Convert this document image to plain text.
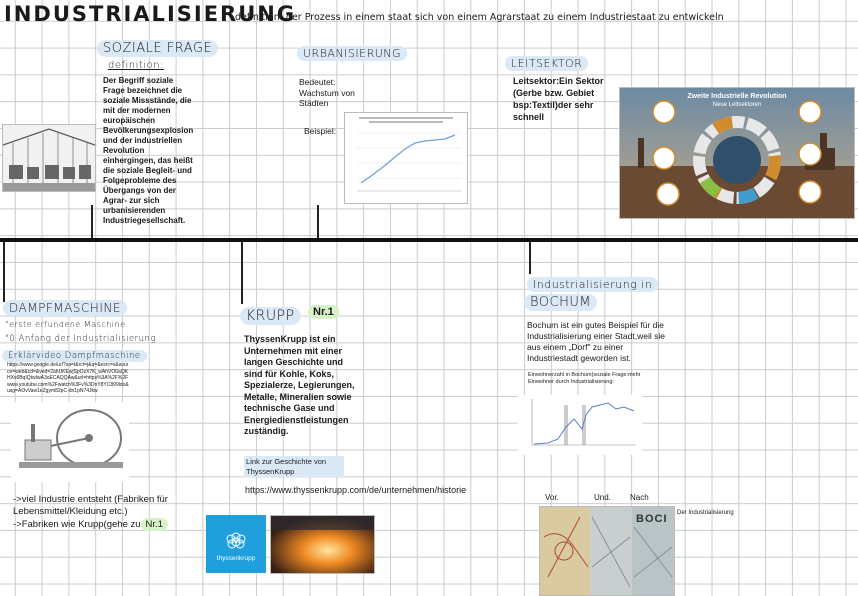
INDUSTRIALISIERUNG
definition: der Prozess in einem staat sich von einem Agrarstaat zu einem Industriestaat zu entwickeln
SOZIALE FRAGE
definition:
Der Begriff soziale Frage bezeichnet die soziale Missstände, die mit der modernen europäischen Bevölkerungsexplosion und der industriellen Revolution einhergingen, das heißt die soziale Begleit- und Folgeprobleme des Übergangs von der Agrar- zur sich urbanisierenden Industriegesellschaft.
URBANISIERUNG
Bedeutet: Wachstum von Städten
Beispiel:
LEITSEKTOR
Leitsektor:Ein Sektor (Gerbe bzw. Gebiet bsp:Textil)der sehr schnell
Zweite Industrielle Revolution
Neue Leitsektoren
DAMPFMASCHINE
"erste erfundene Maschine
"0 Anfang der Industrialisierung
Erklärvideo Dampfmaschine
https://www.google.de/url?sa=t&rct=j&q=&esrc=s&source=web&cd=&ved=2ahUKEwjSpOzX7K_wAhVO6aQKHXs6BqIQtwIwA3oECAQQAw&url=https%3A%2F%2Fwww.youtube.com%2Fwatch%3Fv%3DnY8YC899ldo&usg=AOvVaw1eZgym82pC-dn1pN74Jkw
->viel Industrie entsteht (Fabriken für Lebensmittel/Kleidung etc.)
->Fabriken wie Krupp(gehe zu Nr.1
KRUPP	Nr.1
ThyssenKrupp ist ein Unternehmen mit einer langen Geschichte und sind für Kohle, Koks, Spezialerze, Legierungen, Metalle, Mineralien sowie technische Gase und Energiedienstleistungen zuständig.
Link zur Geschichte von ThyssenKrupp
https://www.thyssenkrupp.com/de/unternehmen/historie
thyssenkrupp
Industrialisierung in
BOCHUM
Bochum ist ein gutes Beispiel für die Industrialisierung einer Stadt,weil sie aus einem „Dorf" zu einer Industriestadt geworden ist.
Einwohnerzahl in Bochum(soziale Frage:mehr Einwohner durch Industrialisierung:
Vor.	Und. Nach
Der Industrialisierung
BOCI
